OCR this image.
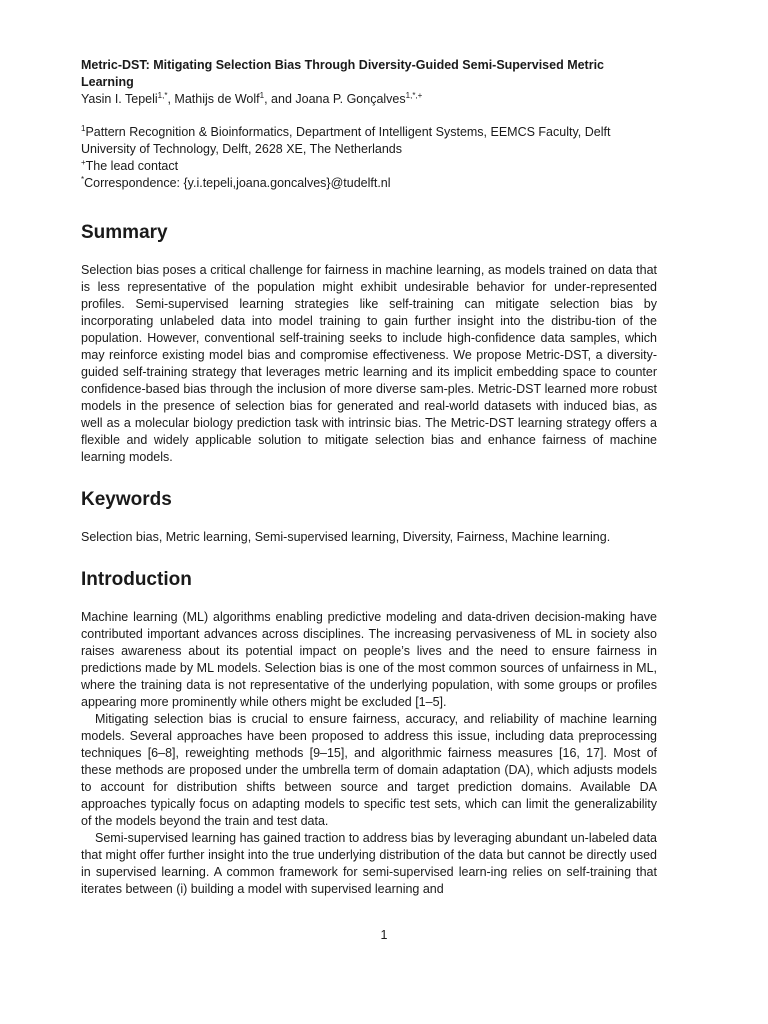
Metric-DST: Mitigating Selection Bias Through Diversity-Guided Semi-Supervised Metric Learning

Yasin I. Tepeli$^{1,*}$, Mathijs de Wolf$^1$, and Joana P. Gonçalves$^{1,*,+}$
$^1$Pattern Recognition & Bioinformatics, Department of Intelligent Systems, EEMCS Faculty, Delft University of Technology, Delft, 2628 XE, The Netherlands
+The lead contact
*Correspondence: {y.i.tepeli,joana.goncalves}@tudelft.nl
Summary

Selection bias poses a critical challenge for fairness in machine learning, as models trained on data that is less representative of the population might exhibit undesirable behavior for under-represented profiles. Semi-supervised learning strategies like self-training can mitigate selection bias by incorporating unlabeled data into model training to gain further insight into the distribu-tion of the population. However, conventional self-training seeks to include high-confidence data samples, which may reinforce existing model bias and compromise effectiveness. We propose Metric-DST, a diversity-guided self-training strategy that leverages metric learning and its implicit embedding space to counter confidence-based bias through the inclusion of more diverse sam-ples. Metric-DST learned more robust models in the presence of selection bias for generated and real-world datasets with induced bias, as well as a molecular biology prediction task with intrinsic bias. The Metric-DST learning strategy offers a flexible and widely applicable solution to mitigate selection bias and enhance fairness of machine learning models.

Keywords

Selection bias, Metric learning, Semi-supervised learning, Diversity, Fairness, Machine learning.

Introduction

Machine learning (ML) algorithms enabling predictive modeling and data-driven decision-making have contributed important advances across disciplines. The increasing pervasiveness of ML in society also raises awareness about its potential impact on people’s lives and the need to ensure fairness in predictions made by ML models. Selection bias is one of the most common sources of unfairness in ML, where the training data is not representative of the underlying population, with some groups or profiles appearing more prominently while others might be excluded [1–5].

Mitigating selection bias is crucial to ensure fairness, accuracy, and reliability of machine learning models. Several approaches have been proposed to address this issue, including data preprocessing techniques [6–8], reweighting methods [9–15], and algorithmic fairness measures [16, 17]. Most of these methods are proposed under the umbrella term of domain adaptation (DA), which adjusts models to account for distribution shifts between source and target prediction domains. Available DA approaches typically focus on adapting models to specific test sets, which can limit the generalizability of the models beyond the train and test data.

Semi-supervised learning has gained traction to address bias by leveraging abundant un-labeled data that might offer further insight into the true underlying distribution of the data but cannot be directly used in supervised learning. A common framework for semi-supervised learn-ing relies on self-training that iterates between (i) building a model with supervised learning and

1
